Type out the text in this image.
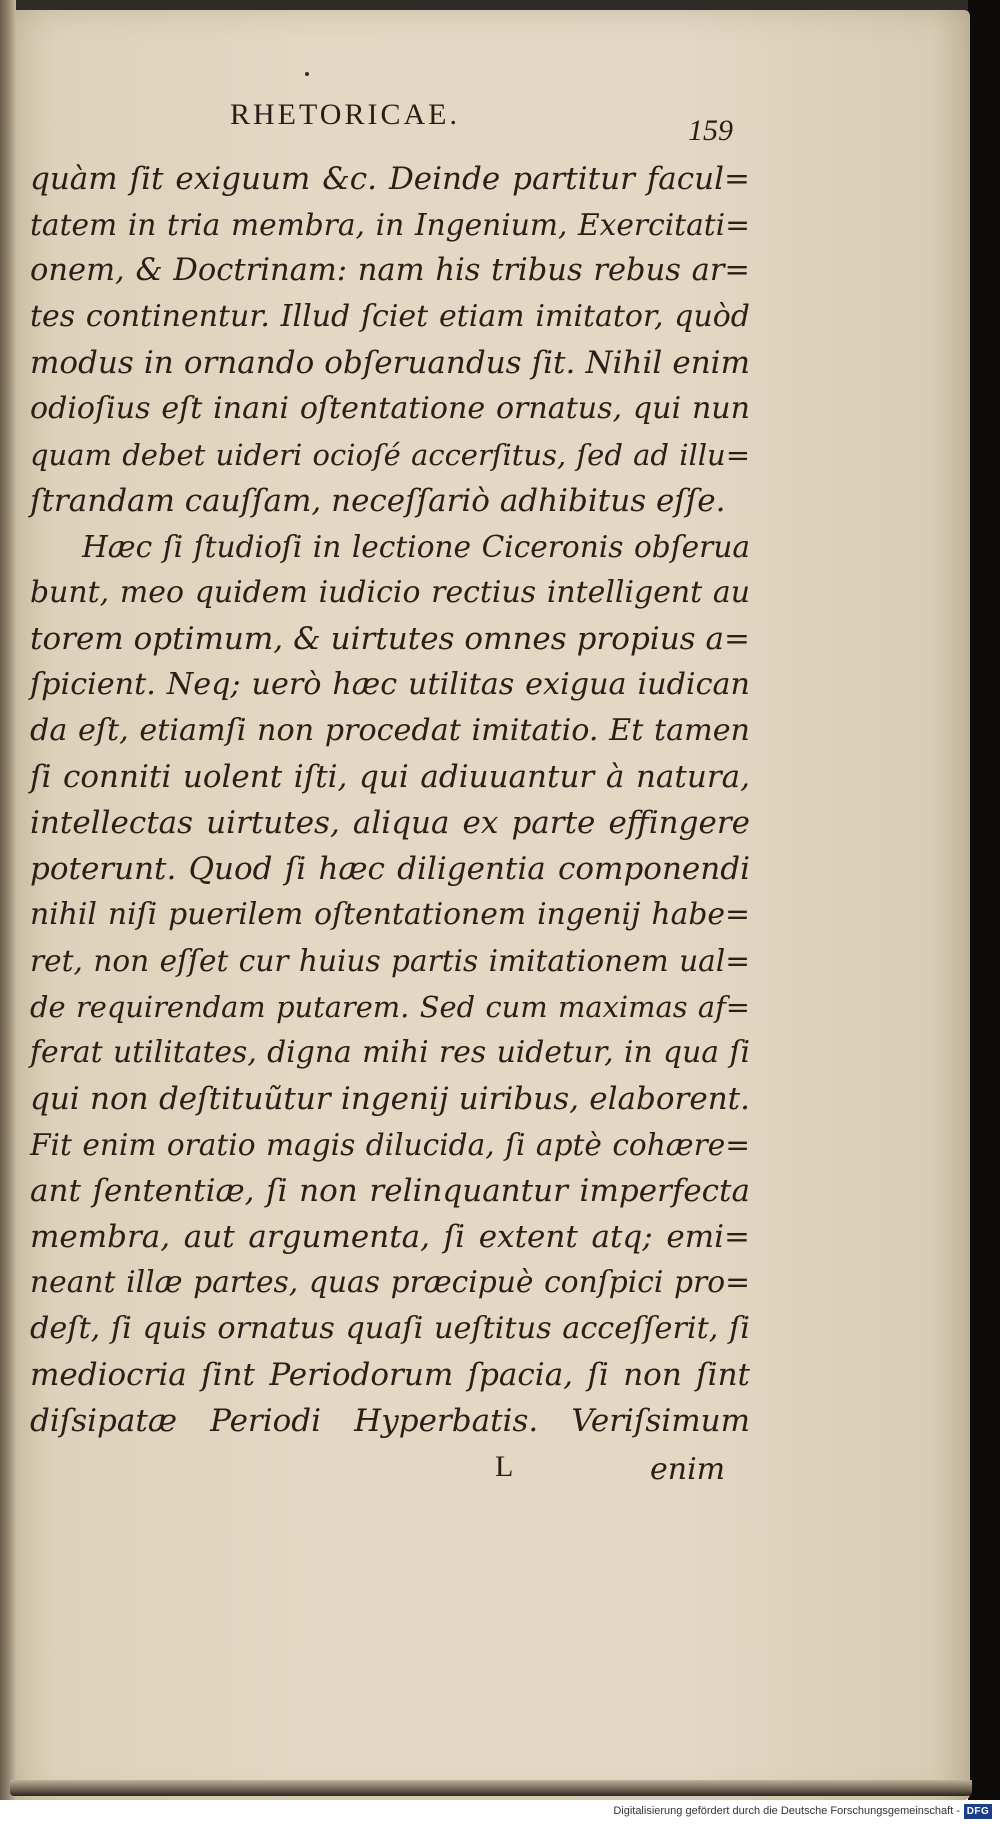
RHETORICAE.	159
quàm ſit exiguum &c. Deinde partitur facul=
tatem in tria membra, in Ingenium, Exercitati=
onem, & Doctrinam: nam his tribus rebus ar=
tes continentur. Illud ſciet etiam imitator, quòd
modus in ornando obſeruandus ſit. Nihil enim
odioſius eſt inani oſtentatione ornatus, qui nun
quam debet uideri ocioſé accerſitus, ſed ad illu=
ſtrandam cauſſam, neceſſariò adhibitus eſſe.
Hæc ſi ſtudioſi in lectione Ciceronis obſerua
bunt, meo quidem iudicio rectius intelligent au
torem optimum, & uirtutes omnes propius a=
ſpicient. Neq; uerò hæc utilitas exigua iudican
da eſt, etiamſi non procedat imitatio. Et tamen
ſi conniti uolent iſti, qui adiuuantur à natura,
intellectas uirtutes, aliqua ex parte effingere
poterunt. Quod ſi hæc diligentia componendi
nihil niſi puerilem oſtentationem ingenij habe=
ret, non eſſet cur huius partis imitationem ual=
de requirendam putarem. Sed cum maximas af=
ferat utilitates, digna mihi res uidetur, in qua ſi
qui non deſtituũtur ingenij uiribus, elaborent.
Fit enim oratio magis dilucida, ſi aptè cohære=
ant ſententiæ, ſi non relinquantur imperfecta
membra, aut argumenta, ſi extent atq; emi=
neant illæ partes, quas præcipuè conſpici pro=
deſt, ſi quis ornatus quaſi ueſtitus acceſſerit, ſi
mediocria ſint Periodorum ſpacia, ſi non ſint
diſsipatæ Periodi Hyperbatis. Veriſsimum
L	enim
Digitalisierung gefördert durch die Deutsche Forschungsgemeinschaft - DFG
